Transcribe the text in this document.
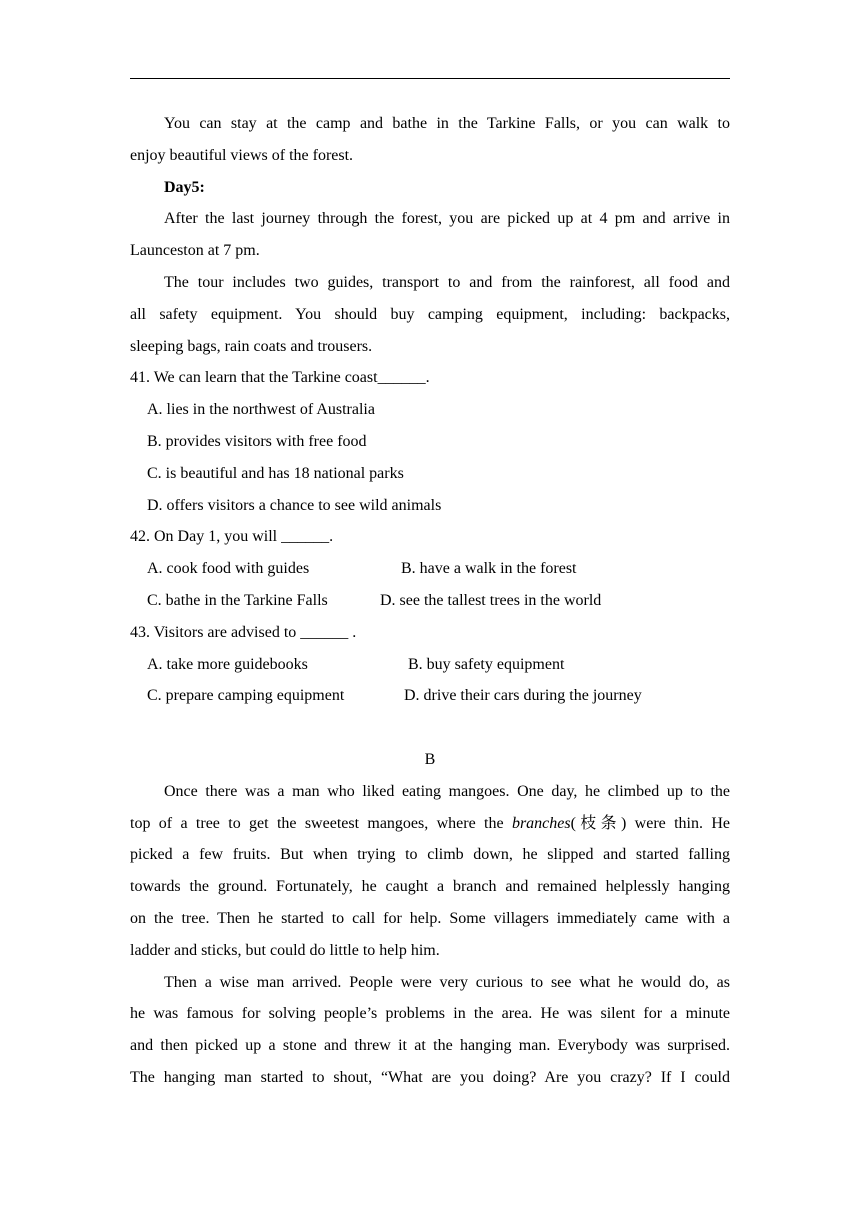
You can stay at the camp and bathe in the Tarkine Falls, or you can walk to
enjoy beautiful views of the forest.
Day5:
After the last journey through the forest, you are picked up at 4 pm and arrive in
Launceston at 7 pm.
The tour includes two guides, transport to and from the rainforest, all food and
all safety equipment. You should buy camping equipment, including: backpacks,
sleeping bags, rain coats and trousers.
41. We can learn that the Tarkine coast______.
A. lies in the northwest of Australia
B. provides visitors with free food
C. is beautiful and has 18 national parks
D. offers visitors a chance to see wild animals
42. On Day 1, you will ______.
A. cook food with guides	B. have a walk in the forest
C. bathe in the Tarkine Falls	D. see the tallest trees in the world
43. Visitors are advised to ______ .
A. take more guidebooks	B. buy safety equipment
C. prepare camping equipment	D. drive their cars during the journey
B
Once there was a man who liked eating mangoes. One day, he climbed up to the
top of a tree to get the sweetest mangoes, where the branches(枝条) were thin. He
picked a few fruits. But when trying to climb down, he slipped and started falling
towards the ground. Fortunately, he caught a branch and remained helplessly hanging
on the tree. Then he started to call for help. Some villagers immediately came with a
ladder and sticks, but could do little to help him.
Then a wise man arrived. People were very curious to see what he would do, as
he was famous for solving people’s problems in the area. He was silent for a minute
and then picked up a stone and threw it at the hanging man. Everybody was surprised.
The hanging man started to shout, “What are you doing? Are you crazy? If I could
